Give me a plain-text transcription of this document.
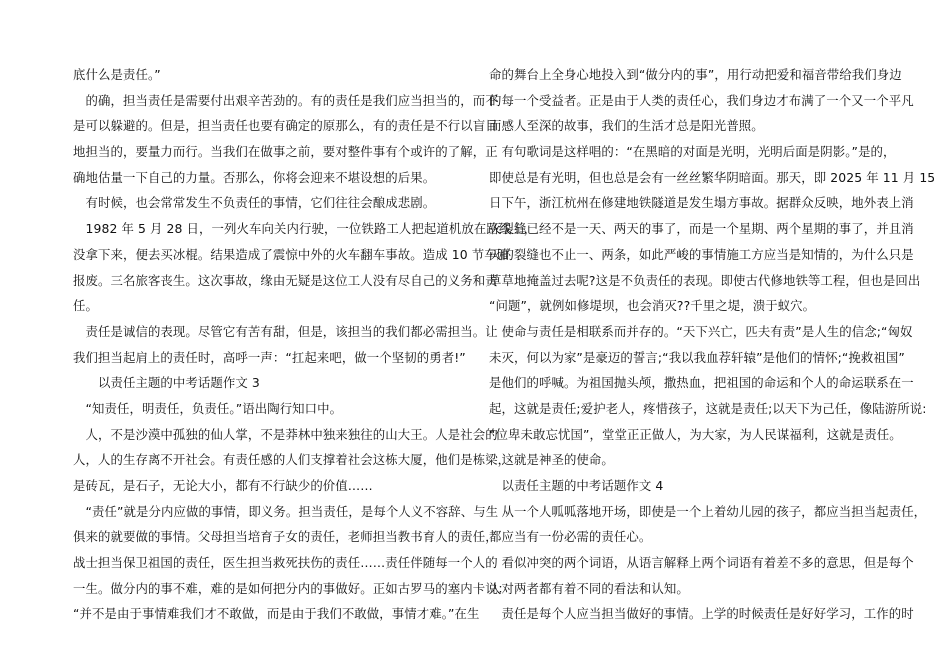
底什么是责任。”
　的确，担当责任是需要付出艰辛苦劲的。有的责任是我们应当担当的，而不
是可以躲避的。但是，担当责任也要有确定的原那么，有的责任是不行以盲目
地担当的，要量力而行。当我们在做事之前，要对整件事有个或许的了解，正
确地估量一下自己的力量。否那么，你将会迎来不堪设想的后果。
　有时候，也会常常发生不负责任的事情，它们往往会酿成悲剧。
　1982 年 5 月 28 日，一列火车向关内行驶，一位铁路工人把起道机放在路线上，
没拿下来，便去买冰棍。结果造成了震惊中外的火车翻车事故。造成 10 节车厢
报废。三名旅客丧生。这次事故，缘由无疑是这位工人没有尽自己的义务和责
任。
　责任是诚信的表现。尽管它有苦有甜，但是，该担当的我们都必需担当。让
我们担当起肩上的责任时，高呼一声：“扛起来吧，做一个坚韧的勇者!”
　　以责任主题的中考话题作文 3
　“知责任，明责任，负责任。”语出陶行知口中。
　人，不是沙漠中孤独的仙人掌，不是莽林中独来独往的山大王。人是社会的
人，人的生存离不开社会。有责任感的人们支撑着社会这栋大厦，他们是栋梁，
是砖瓦，是石子，无论大小，都有不行缺少的价值……
　“责任”就是分内应做的事情，即义务。担当责任，是每个人义不容辞、与生
俱来的就要做的事情。父母担当培育子女的责任，老师担当教书育人的责任，
战士担当保卫祖国的责任，医生担当救死扶伤的责任……责任伴随每一个人的
一生。做分内的事不难，难的是如何把分内的事做好。正如古罗马的塞内卡说：
“并不是由于事情难我们才不敢做，而是由于我们不敢做，事情才难。”在生
命的舞台上全身心地投入到“做分内的事”，用行动把爱和福音带给我们身边
的每一个受益者。正是由于人类的责任心，我们身边才布满了一个又一个平凡
而感人至深的故事，我们的生活才总是阳光普照。
　有句歌词是这样唱的：“在黑暗的对面是光明，光明后面是阴影。”是的，
即使总是有光明，但也总是会有一丝丝繁华阴暗面。那天，即 2025 年 11 月 15
日下午，浙江杭州在修建地铁隧道是发生塌方事故。据群众反映，地外表上消
灭裂缝已经不是一天、两天的事了，而是一个星期、两个星期的事了，并且消
灭的裂缝也不止一、两条，如此严峻的事情施工方应当是知情的，为什么只是
草草地掩盖过去呢?这是不负责任的表现。即使古代修地铁等工程，但也是回出
“问题”，就例如修堤坝，也会消灭??千里之堤，溃于蚁穴。
　使命与责任是相联系而并存的。“天下兴亡，匹夫有责”是人生的信念;“匈奴
未灭，何以为家”是豪迈的誓言;“我以我血荐轩辕”是他们的情怀;“挽救祖国”
是他们的呼喊。为祖国抛头颅，撒热血，把祖国的命运和个人的命运联系在一
起，这就是责任;爱护老人，疼惜孩子，这就是责任;以天下为己任，像陆游所说:
“位卑未敢忘忧国”，堂堂正正做人，为大家，为人民谋福利，这就是责任。
　这就是神圣的使命。
　以责任主题的中考话题作文 4
　从一个人呱呱落地开场，即使是一个上着幼儿园的孩子，都应当担当起责任，
都应当有一份必需的责任心。
　看似冲突的两个词语，从语言解释上两个词语有着差不多的意思，但是每个
人对两者都有着不同的看法和认知。
　责任是每个人应当担当做好的事情。上学的时候责任是好好学习，工作的时
